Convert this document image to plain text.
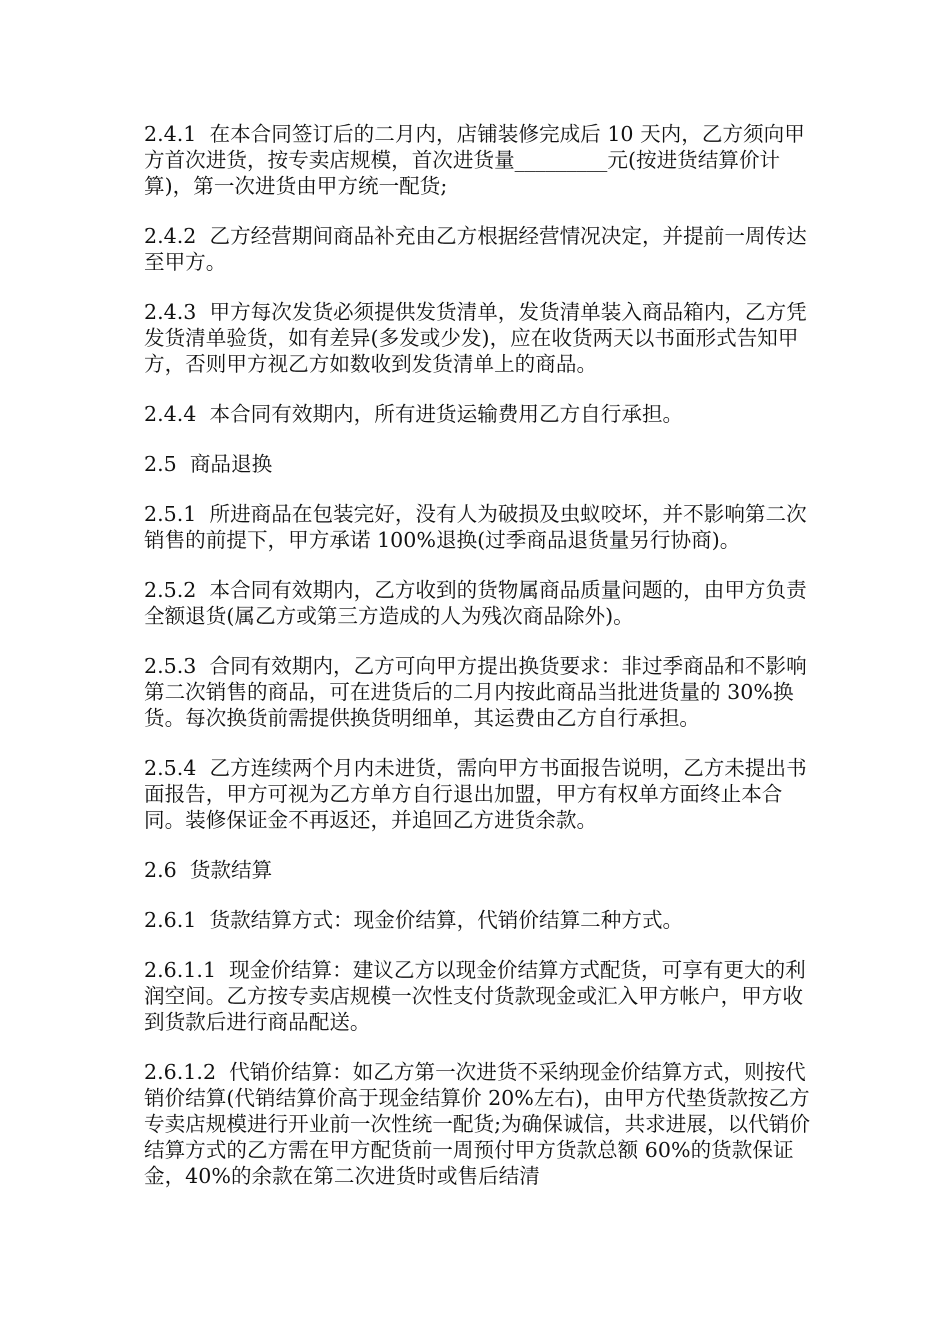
2.4.1  在本合同签订后的二月内，店铺装修完成后 10 天内，乙方须向甲方首次进货，按专卖店规模，首次进货量_________元(按进货结算价计算)，第一次进货由甲方统一配货;

2.4.2  乙方经营期间商品补充由乙方根据经营情况决定，并提前一周传达至甲方。

2.4.3  甲方每次发货必须提供发货清单，发货清单装入商品箱内，乙方凭发货清单验货，如有差异(多发或少发)，应在收货两天以书面形式告知甲方，否则甲方视乙方如数收到发货清单上的商品。

2.4.4  本合同有效期内，所有进货运输费用乙方自行承担。

2.5  商品退换

2.5.1  所进商品在包装完好，没有人为破损及虫蚁咬坏，并不影响第二次销售的前提下，甲方承诺 100%退换(过季商品退货量另行协商)。

2.5.2  本合同有效期内，乙方收到的货物属商品质量问题的，由甲方负责全额退货(属乙方或第三方造成的人为残次商品除外)。

2.5.3  合同有效期内，乙方可向甲方提出换货要求：非过季商品和不影响第二次销售的商品，可在进货后的二月内按此商品当批进货量的 30%换货。每次换货前需提供换货明细单，其运费由乙方自行承担。

2.5.4  乙方连续两个月内未进货，需向甲方书面报告说明，乙方未提出书面报告，甲方可视为乙方单方自行退出加盟，甲方有权单方面终止本合同。装修保证金不再返还，并追回乙方进货余款。

2.6  货款结算

2.6.1  货款结算方式：现金价结算，代销价结算二种方式。

2.6.1.1  现金价结算：建议乙方以现金价结算方式配货，可享有更大的利润空间。乙方按专卖店规模一次性支付货款现金或汇入甲方帐户，甲方收到货款后进行商品配送。

2.6.1.2  代销价结算：如乙方第一次进货不采纳现金价结算方式，则按代销价结算(代销结算价高于现金结算价 20%左右)，由甲方代垫货款按乙方专卖店规模进行开业前一次性统一配货;为确保诚信，共求进展，以代销价结算方式的乙方需在甲方配货前一周预付甲方货款总额 60%的货款保证金，40%的余款在第二次进货时或售后结清
